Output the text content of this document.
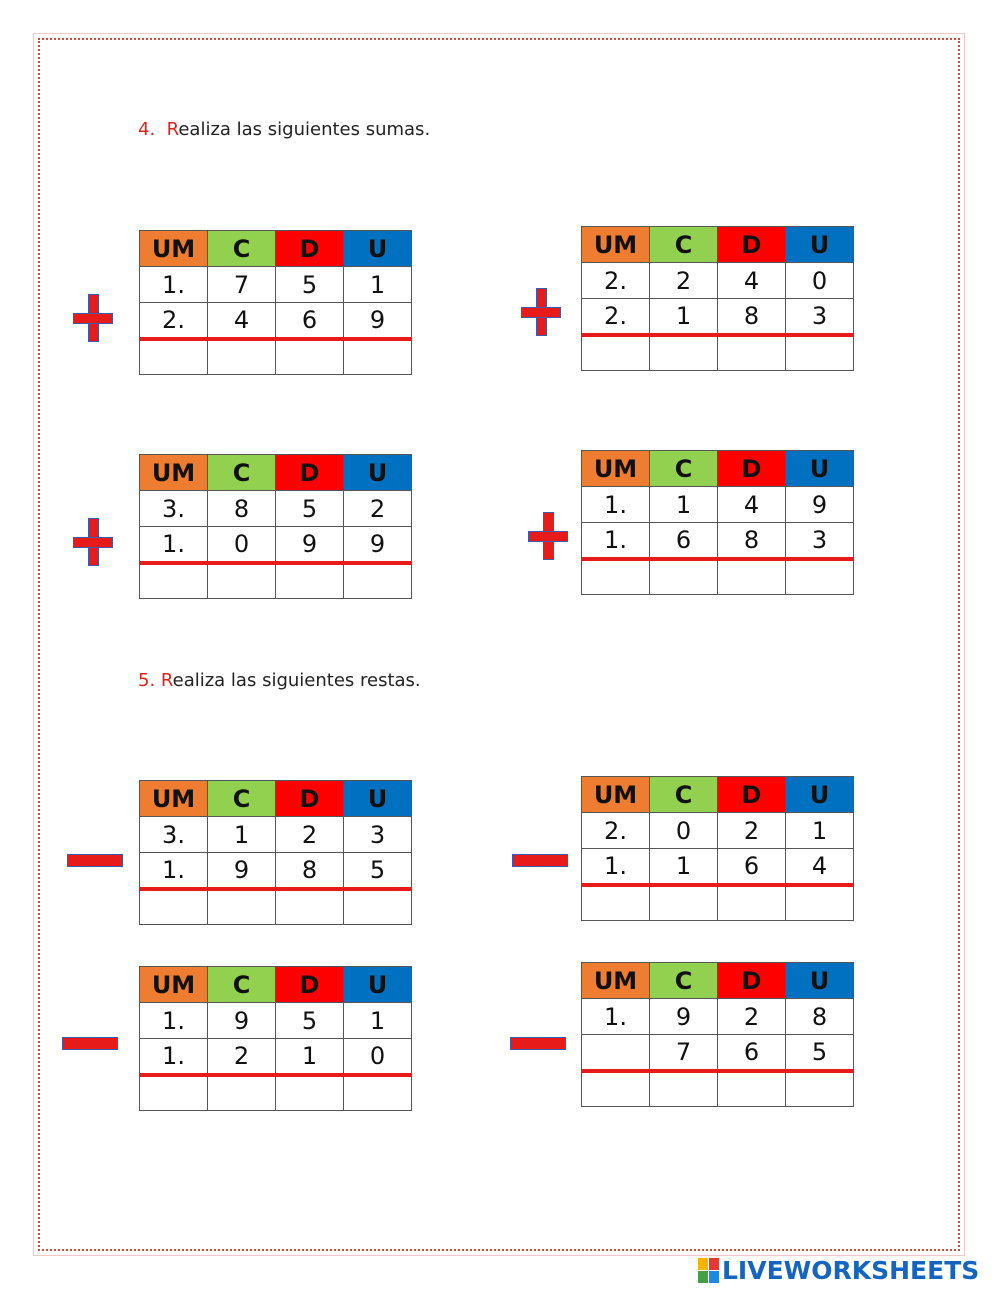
4. Realiza las siguientes sumas.
5. Realiza las siguientes restas.
UM	C	D	U
1.	7	5	1
2.	4	6	9

UM	C	D	U
2.	2	4	0
2.	1	8	3

UM	C	D	U
3.	8	5	2
1.	0	9	9

UM	C	D	U
1.	1	4	9
1.	6	8	3

UM	C	D	U
3.	1	2	3
1.	9	8	5

UM	C	D	U
2.	0	2	1
1.	1	6	4

UM	C	D	U
1.	9	5	1
1.	2	1	0

UM	C	D	U
1.	9	2	8
	7	6	5

LIVEWORKSHEETS
